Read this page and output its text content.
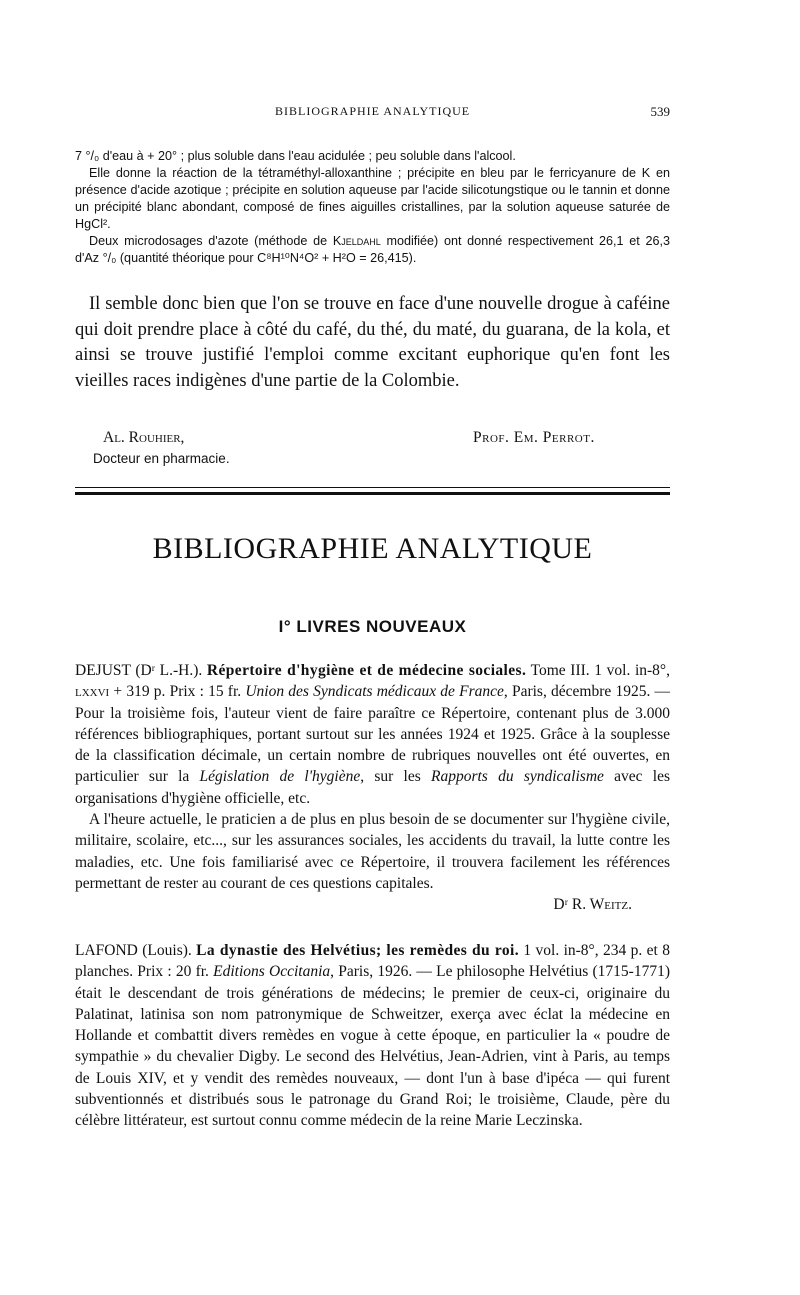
BIBLIOGRAPHIE ANALYTIQUE	539

7 °/₀ d'eau à + 20° ; plus soluble dans l'eau acidulée ; peu soluble dans l'alcool.

Elle donne la réaction de la tétraméthyl-alloxanthine ; précipite en bleu par le ferricyanure de K en présence d'acide azotique ; précipite en solution aqueuse par l'acide silicotungstique ou le tannin et donne un précipité blanc abondant, composé de fines aiguilles cristallines, par la solution aqueuse saturée de HgCl².

Deux microdosages d'azote (méthode de Kjeldahl modifiée) ont donné respectivement 26,1 et 26,3 d'Az °/₀ (quantité théorique pour C⁸H¹⁰N⁴O² + H²O = 26,415).

Il semble donc bien que l'on se trouve en face d'une nouvelle drogue à caféine qui doit prendre place à côté du café, du thé, du maté, du guarana, de la kola, et ainsi se trouve justifié l'emploi comme excitant euphorique qu'en font les vieilles races indigènes d'une partie de la Colombie.

Al. Rouhier,
Docteur en pharmacie.
Prof. Em. Perrot.
BIBLIOGRAPHIE ANALYTIQUE
I° LIVRES NOUVEAUX

DEJUST (Dʳ L.-H.). Répertoire d'hygiène et de médecine sociales. Tome III. 1 vol. in-8°, lxxvi + 319 p. Prix : 15 fr. Union des Syndicats médicaux de France, Paris, décembre 1925. — Pour la troisième fois, l'auteur vient de faire paraître ce Répertoire, contenant plus de 3.000 références bibliographiques, portant surtout sur les années 1924 et 1925. Grâce à la souplesse de la classification décimale, un certain nombre de rubriques nouvelles ont été ouvertes, en particulier sur la Législation de l'hygiène, sur les Rapports du syndicalisme avec les organisations d'hygiène officielle, etc.

A l'heure actuelle, le praticien a de plus en plus besoin de se documenter sur l'hygiène civile, militaire, scolaire, etc..., sur les assurances sociales, les accidents du travail, la lutte contre les maladies, etc. Une fois familiarisé avec ce Répertoire, il trouvera facilement les références permettant de rester au courant de ces questions capitales.

Dʳ R. Weitz.

LAFOND (Louis). La dynastie des Helvétius; les remèdes du roi. 1 vol. in-8°, 234 p. et 8 planches. Prix : 20 fr. Editions Occitania, Paris, 1926. — Le philosophe Helvétius (1715-1771) était le descendant de trois générations de médecins; le premier de ceux-ci, originaire du Palatinat, latinisa son nom patronymique de Schweitzer, exerça avec éclat la médecine en Hollande et combattit divers remèdes en vogue à cette époque, en particulier la « poudre de sympathie » du chevalier Digby. Le second des Helvétius, Jean-Adrien, vint à Paris, au temps de Louis XIV, et y vendit des remèdes nouveaux, — dont l'un à base d'ipéca — qui furent subventionnés et distribués sous le patronage du Grand Roi; le troisième, Claude, père du célèbre littérateur, est surtout connu comme médecin de la reine Marie Leczinska.
